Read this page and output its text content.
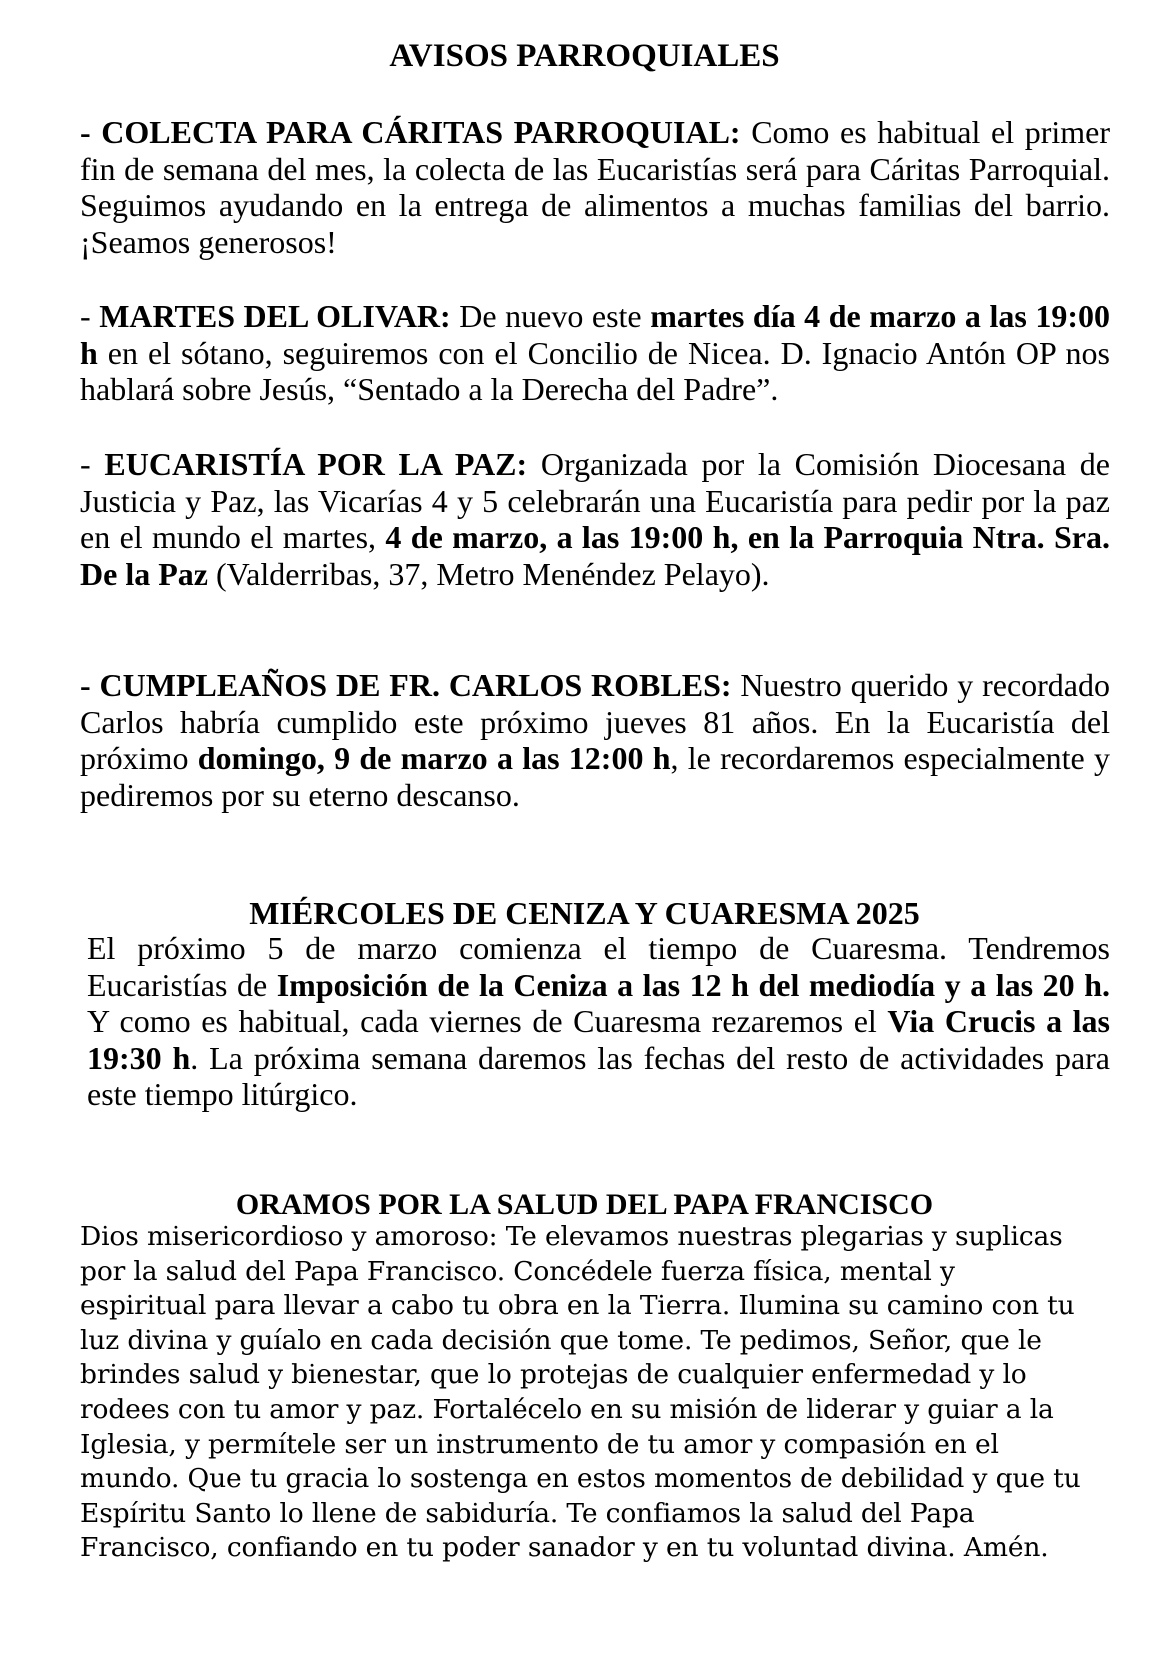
AVISOS PARROQUIALES

- COLECTA PARA CÁRITAS PARROQUIAL: Como es habitual el primer fin de semana del mes, la colecta de las Eucaristías será para Cáritas Parroquial. Seguimos ayudando en la entrega de alimentos a muchas familias del barrio. ¡Seamos generosos!

- MARTES DEL OLIVAR: De nuevo este martes día 4 de marzo a las 19:00 h en el sótano, seguiremos con el Concilio de Nicea. D. Ignacio Antón OP nos hablará sobre Jesús, “Sentado a la Derecha del Padre”.

- EUCARISTÍA POR LA PAZ: Organizada por la Comisión Diocesana de Justicia y Paz, las Vicarías 4 y 5 celebrarán una Eucaristía para pedir por la paz en el mundo el martes, 4 de marzo, a las 19:00 h, en la Parroquia Ntra. Sra. De la Paz (Valderribas, 37, Metro Menéndez Pelayo).

- CUMPLEAÑOS DE FR. CARLOS ROBLES: Nuestro querido y recordado Carlos habría cumplido este próximo jueves 81 años. En la Eucaristía del próximo domingo, 9 de marzo a las 12:00 h, le recordaremos especialmente y pediremos por su eterno descanso.

MIÉRCOLES DE CENIZA Y CUARESMA 2025

El próximo 5 de marzo comienza el tiempo de Cuaresma. Tendremos Eucaristías de Imposición de la Ceniza a las 12 h del mediodía y a las 20 h. Y como es habitual, cada viernes de Cuaresma rezaremos el Via Crucis a las 19:30 h. La próxima semana daremos las fechas del resto de actividades para este tiempo litúrgico.

ORAMOS POR LA SALUD DEL PAPA FRANCISCO
Dios misericordioso y amoroso: Te elevamos nuestras plegarias y suplicas
por la salud del Papa Francisco. Concédele fuerza física, mental y
espiritual para llevar a cabo tu obra en la Tierra. Ilumina su camino con tu
luz divina y guíalo en cada decisión que tome. Te pedimos, Señor, que le
brindes salud y bienestar, que lo protejas de cualquier enfermedad y lo
rodees con tu amor y paz. Fortalécelo en su misión de liderar y guiar a la
Iglesia, y permítele ser un instrumento de tu amor y compasión en el
mundo. Que tu gracia lo sostenga en estos momentos de debilidad y que tu
Espíritu Santo lo llene de sabiduría. Te confiamos la salud del Papa
Francisco, confiando en tu poder sanador y en tu voluntad divina. Amén.
